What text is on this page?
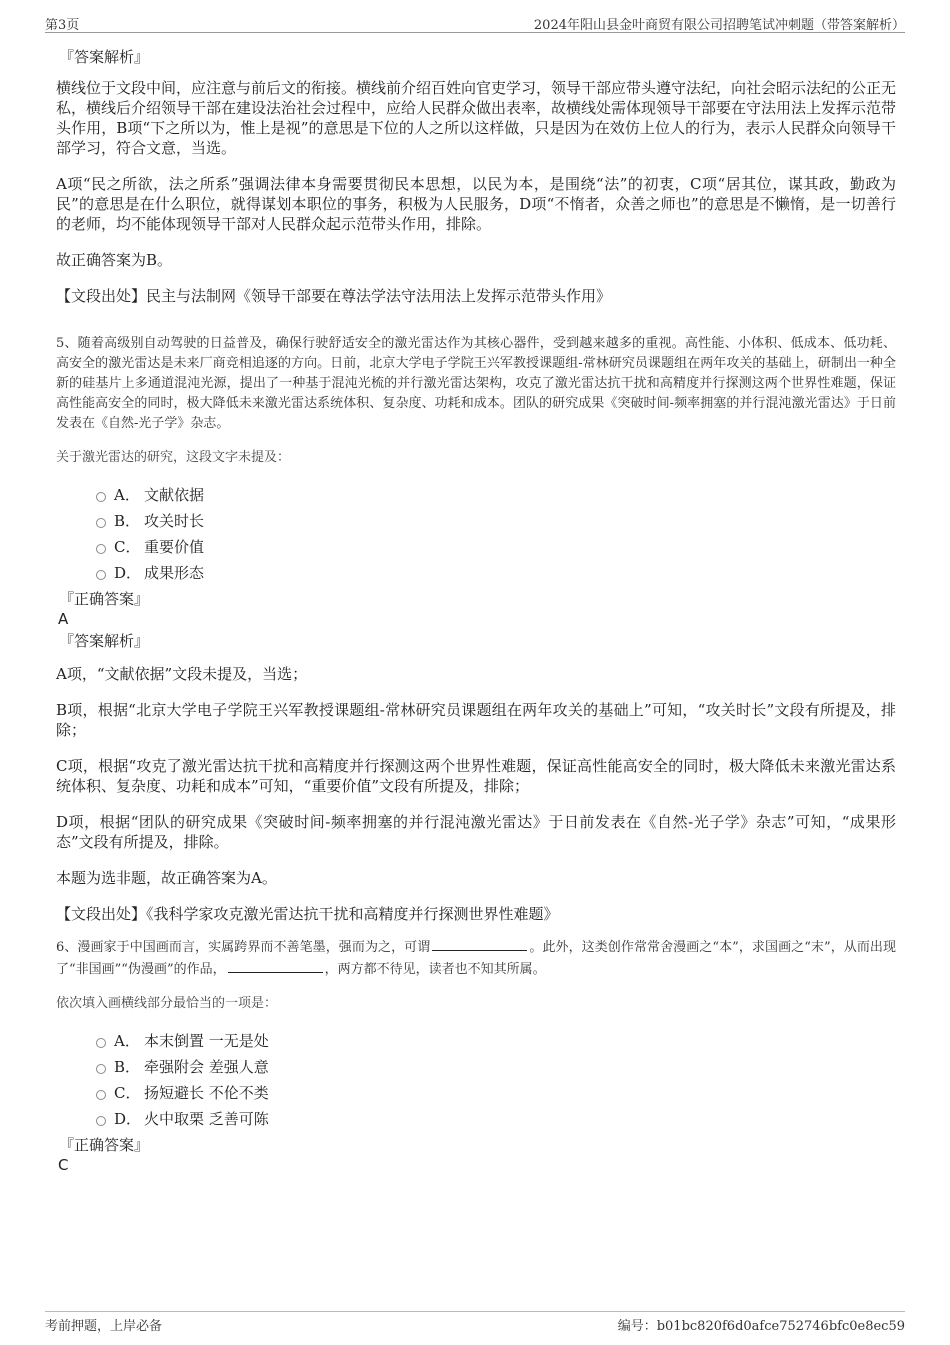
第3页	2024年阳山县金叶商贸有限公司招聘笔试冲刺题（带答案解析）
『答案解析』

横线位于文段中间，应注意与前后文的衔接。横线前介绍百姓向官吏学习，领导干部应带头遵守法纪，向社会昭示法纪的公正无私，横线后介绍领导干部在建设法治社会过程中，应给人民群众做出表率，故横线处需体现领导干部要在守法用法上发挥示范带头作用，B项“下之所以为，惟上是视”的意思是下位的人之所以这样做，只是因为在效仿上位人的行为，表示人民群众向领导干部学习，符合文意，当选。

A项“民之所欲，法之所系”强调法律本身需要贯彻民本思想，以民为本，是围绕“法”的初衷，C项“居其位，谋其政，勤政为民”的意思是在什么职位，就得谋划本职位的事务，积极为人民服务，D项“不惰者，众善之师也”的意思是不懒惰，是一切善行的老师，均不能体现领导干部对人民群众起示范带头作用，排除。

故正确答案为B。

【文段出处】民主与法制网《领导干部要在尊法学法守法用法上发挥示范带头作用》

5、随着高级别自动驾驶的日益普及，确保行驶舒适安全的激光雷达作为其核心器件，受到越来越多的重视。高性能、小体积、低成本、低功耗、高安全的激光雷达是未来厂商竞相追逐的方向。日前，北京大学电子学院王兴军教授课题组-常林研究员课题组在两年攻关的基础上，研制出一种全新的硅基片上多通道混沌光源，提出了一种基于混沌光梳的并行激光雷达架构，攻克了激光雷达抗干扰和高精度并行探测这两个世界性难题，保证高性能高安全的同时，极大降低未来激光雷达系统体积、复杂度、功耗和成本。团队的研究成果《突破时间-频率拥塞的并行混沌激光雷达》于日前发表在《自然-光子学》杂志。

关于激光雷达的研究，这段文字未提及：

A． 文献依据
B． 攻关时长
C． 重要价值
D． 成果形态
『正确答案』
A
『答案解析』

A项，“文献依据”文段未提及，当选；

B项，根据“北京大学电子学院王兴军教授课题组-常林研究员课题组在两年攻关的基础上”可知，“攻关时长”文段有所提及，排除；

C项，根据“攻克了激光雷达抗干扰和高精度并行探测这两个世界性难题，保证高性能高安全的同时，极大降低未来激光雷达系统体积、复杂度、功耗和成本”可知，“重要价值”文段有所提及，排除；

D项，根据“团队的研究成果《突破时间-频率拥塞的并行混沌激光雷达》于日前发表在《自然-光子学》杂志”可知，“成果形态”文段有所提及，排除。

本题为选非题，故正确答案为A。

【文段出处】《我科学家攻克激光雷达抗干扰和高精度并行探测世界性难题》

6、漫画家于中国画而言，实属跨界而不善笔墨，强而为之，可谓	。此外，这类创作常常舍漫画之“本”，求国画之“末”，从而出现了“非国画”“伪漫画”的作品，	，两方都不待见，读者也不知其所属。

依次填入画横线部分最恰当的一项是：

A． 本末倒置 一无是处
B． 牵强附会 差强人意
C． 扬短避长 不伦不类
D． 火中取栗 乏善可陈
『正确答案』
C
考前押题，上岸必备	编号：b01bc820f6d0afce752746bfc0e8ec59
